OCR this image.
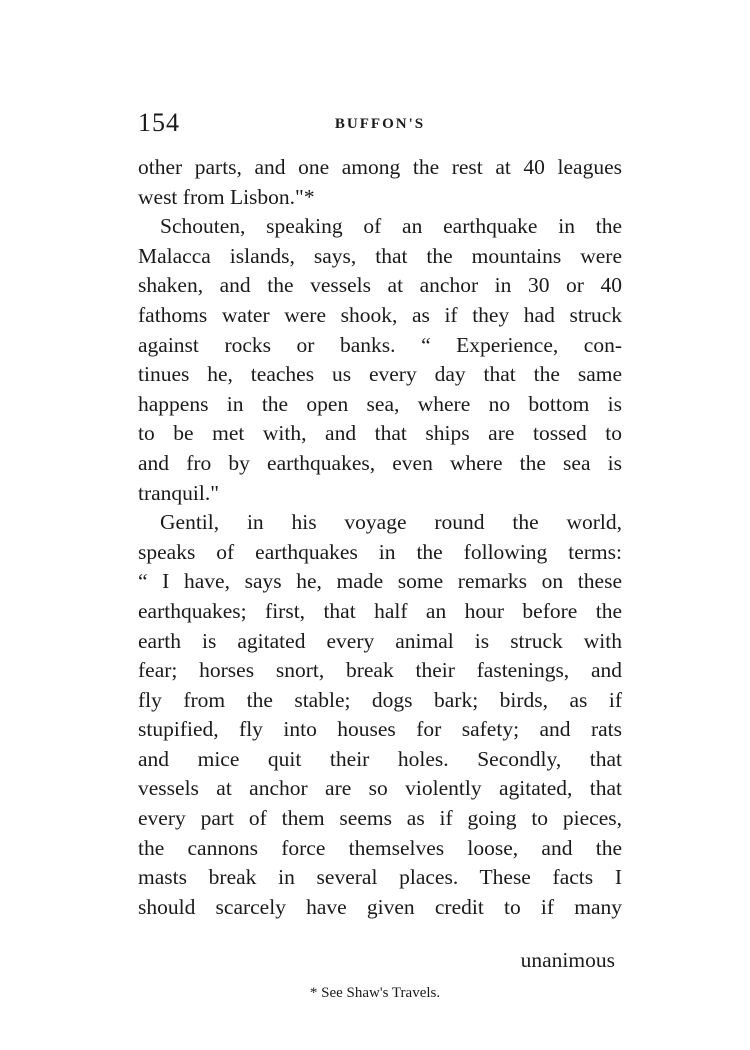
154	BUFFON'S
other parts, and one among the rest at 40 leagues
west from Lisbon."*
Schouten, speaking of an earthquake in the
Malacca islands, says, that the mountains were
shaken, and the vessels at anchor in 30 or 40
fathoms water were shook, as if they had struck
against rocks or banks. “ Experience, con-
tinues he, teaches us every day that the same
happens in the open sea, where no bottom is
to be met with, and that ships are tossed to
and fro by earthquakes, even where the sea is
tranquil."
Gentil, in his voyage round the world,
speaks of earthquakes in the following terms:
“ I have, says he, made some remarks on these
earthquakes; first, that half an hour before the
earth is agitated every animal is struck with
fear; horses snort, break their fastenings, and
fly from the stable; dogs bark; birds, as if
stupified, fly into houses for safety; and rats
and mice quit their holes. Secondly, that
vessels at anchor are so violently agitated, that
every part of them seems as if going to pieces,
the cannons force themselves loose, and the
masts break in several places. These facts I
should scarcely have given credit to if many
unanimous
* See Shaw's Travels.
